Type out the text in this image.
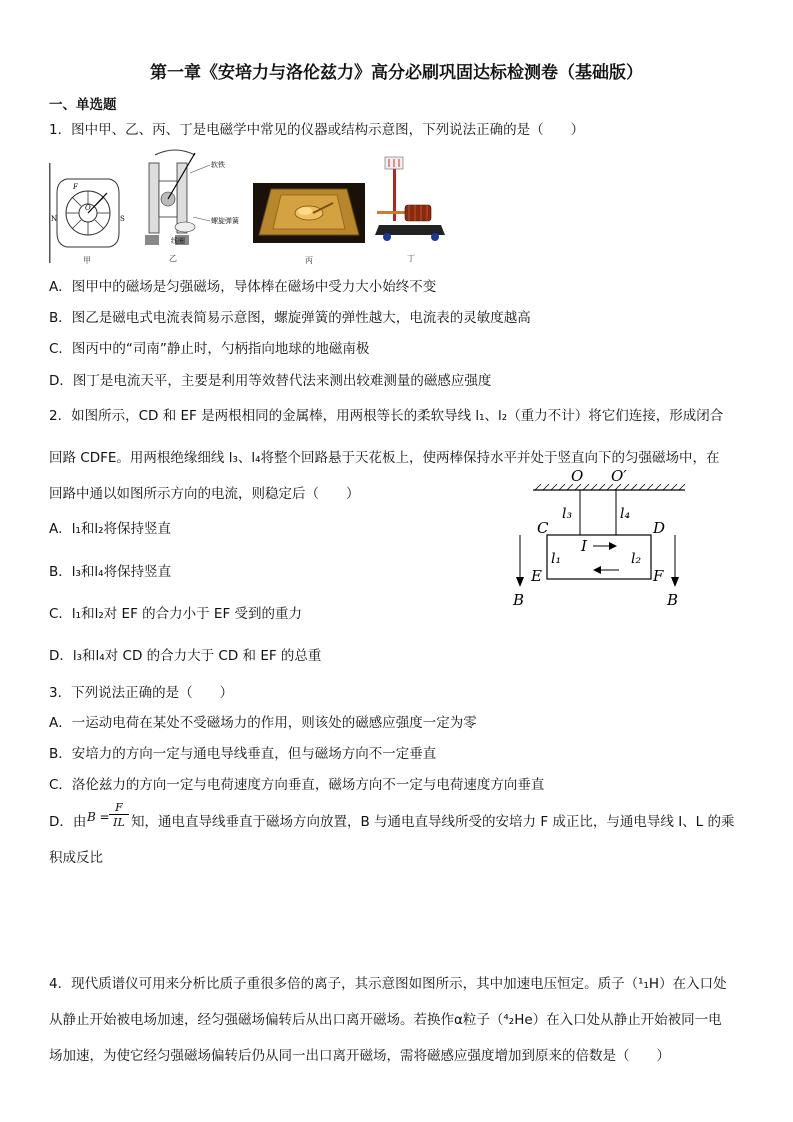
第一章《安培力与洛伦兹力》高分必刷巩固达标检测卷（基础版）
一、单选题
1．图中甲、乙、丙、丁是电磁学中常见的仪器或结构示意图，下列说法正确的是（　　）
N	S
O
F
甲
软铁
螺旋弹簧
线圈
乙	丙	丁
A．图甲中的磁场是匀强磁场，导体棒在磁场中受力大小始终不变
B．图乙是磁电式电流表简易示意图，螺旋弹簧的弹性越大，电流表的灵敏度越高
C．图丙中的“司南”静止时，勺柄指向地球的地磁南极
D．图丁是电流天平，主要是利用等效替代法来测出较难测量的磁感应强度
2．如图所示，CD 和 EF 是两根相同的金属棒，用两根等长的柔软导线 l₁、l₂（重力不计）将它们连接，形成闭合
回路 CDFE。用两根绝缘细线 l₃、l₄将整个回路悬于天花板上，使两棒保持水平并处于竖直向下的匀强磁场中，在
回路中通以如图所示方向的电流，则稳定后（　　）
A．l₁和l₂将保持竖直
B．l₃和l₄将保持竖直
C．l₁和l₂对 EF 的合力小于 EF 受到的重力
D．l₃和l₄对 CD 的合力大于 CD 和 EF 的总重
O O′
l₃	l₄
C	D
E	F
l₁	l₂
I
B	B
3．下列说法正确的是（　　）
A．一运动电荷在某处不受磁场力的作用，则该处的磁感应强度一定为零
B．安培力的方向一定与通电导线垂直，但与磁场方向不一定垂直
C．洛伦兹力的方向一定与电荷速度方向垂直，磁场方向不一定与电荷速度方向垂直
D．由 B =
F
IL 知，通电直导线垂直于磁场方向放置，B 与通电直导线所受的安培力 F 成正比，与通电导线 I、L 的乘
积成反比
4．现代质谱仪可用来分析比质子重很多倍的离子，其示意图如图所示，其中加速电压恒定。质子（¹₁H）在入口处
从静止开始被电场加速，经匀强磁场偏转后从出口离开磁场。若换作α粒子（⁴₂He）在入口处从静止开始被同一电
场加速，为使它经匀强磁场偏转后仍从同一出口离开磁场，需将磁感应强度增加到原来的倍数是（　　）
